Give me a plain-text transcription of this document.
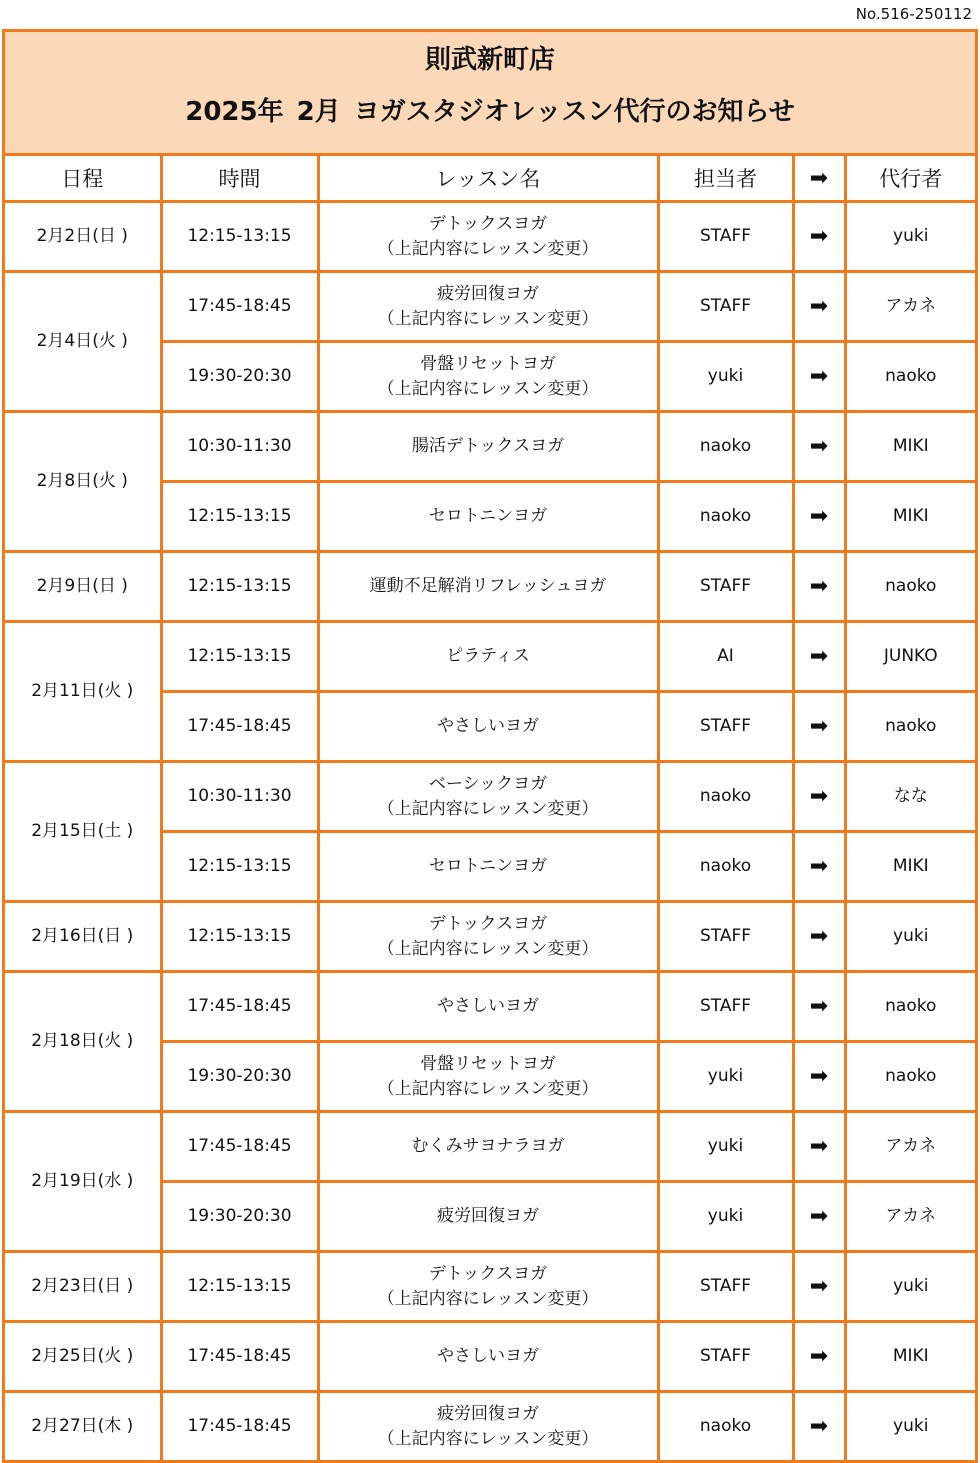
No.516-250112
則武新町店
2025年 2月 ヨガスタジオレッスン代行のお知らせ
日程	時間	レッスン名	担当者	➡	代行者
2月2日(日 )	12:15-13:15	デトックスヨガ
（上記内容にレッスン変更）	STAFF	➡	yuki
2月4日(火 )	17:45-18:45	疲労回復ヨガ
（上記内容にレッスン変更）	STAFF	➡	アカネ
	19:30-20:30	骨盤リセットヨガ
（上記内容にレッスン変更）	yuki	➡	naoko
2月8日(火 )	10:30-11:30	腸活デトックスヨガ	naoko	➡	MIKI
	12:15-13:15	セロトニンヨガ	naoko	➡	MIKI
2月9日(日 )	12:15-13:15	運動不足解消リフレッシュヨガ	STAFF	➡	naoko
2月11日(火 )	12:15-13:15	ピラティス	AI	➡	JUNKO
	17:45-18:45	やさしいヨガ	STAFF	➡	naoko
2月15日(土 )	10:30-11:30	ベーシックヨガ
（上記内容にレッスン変更）	naoko	➡	なな
	12:15-13:15	セロトニンヨガ	naoko	➡	MIKI
2月16日(日 )	12:15-13:15	デトックスヨガ
（上記内容にレッスン変更）	STAFF	➡	yuki
2月18日(火 )	17:45-18:45	やさしいヨガ	STAFF	➡	naoko
	19:30-20:30	骨盤リセットヨガ
（上記内容にレッスン変更）	yuki	➡	naoko
2月19日(水 )	17:45-18:45	むくみサヨナラヨガ	yuki	➡	アカネ
	19:30-20:30	疲労回復ヨガ	yuki	➡	アカネ
2月23日(日 )	12:15-13:15	デトックスヨガ
（上記内容にレッスン変更）	STAFF	➡	yuki
2月25日(火 )	17:45-18:45	やさしいヨガ	STAFF	➡	MIKI
2月27日(木 )	17:45-18:45	疲労回復ヨガ
（上記内容にレッスン変更）	naoko	➡	yuki
